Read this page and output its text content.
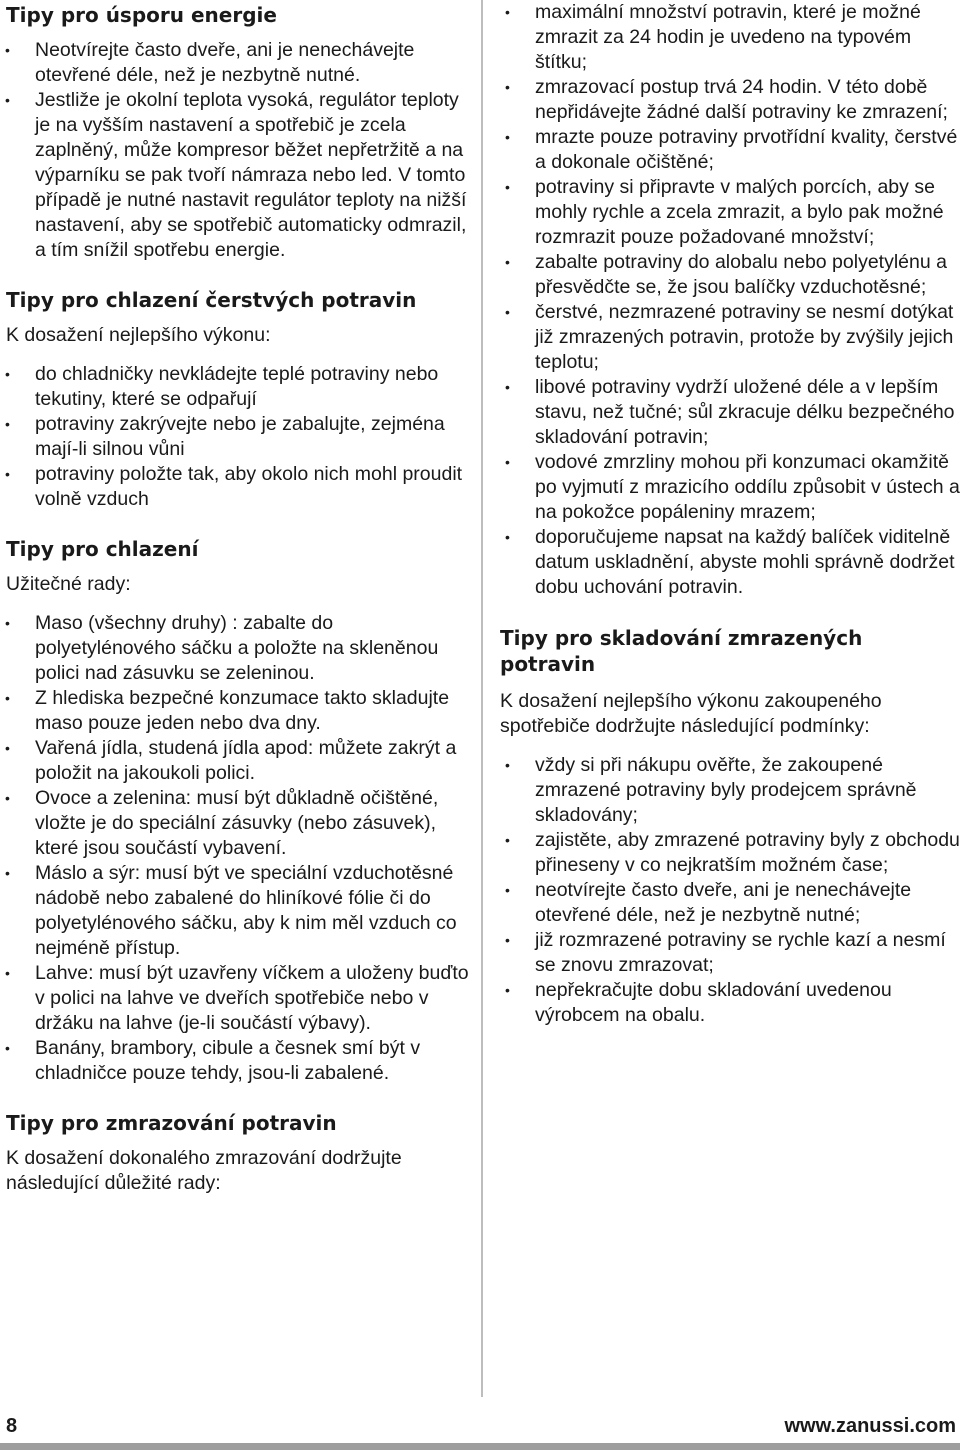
Tipy pro úsporu energie
• Neotvírejte často dveře, ani je nenechávejte otevřené déle, než je nezbytně nutné.
• Jestliže je okolní teplota vysoká, regulátor teploty je na vyšším nastavení a spotřebič je zcela zaplněný, může kompresor běžet nepřetržitě a na výparníku se pak tvoří námraza nebo led. V tomto případě je nutné nastavit regulátor teploty na nižší nastavení, aby se spotřebič automaticky odmrazil, a tím snížil spotřebu energie.
Tipy pro chlazení čerstvých potravin

K dosažení nejlepšího výkonu:

• do chladničky nevkládejte teplé potraviny nebo tekutiny, které se odpařují
• potraviny zakrývejte nebo je zabalujte, zejména mají-li silnou vůni
• potraviny položte tak, aby okolo nich mohl proudit volně vzduch
Tipy pro chlazení

Užitečné rady:

• Maso (všechny druhy) : zabalte do polyetylénového sáčku a položte na skleněnou polici nad zásuvku se zeleninou.
• Z hlediska bezpečné konzumace takto skladujte maso pouze jeden nebo dva dny.
• Vařená jídla, studená jídla apod: můžete zakrýt a položit na jakoukoli polici.
• Ovoce a zelenina: musí být důkladně očištěné, vložte je do speciální zásuvky (nebo zásuvek), které jsou součástí vybavení.
• Máslo a sýr: musí být ve speciální vzduchotěsné nádobě nebo zabalené do hliníkové fólie či do polyetylénového sáčku, aby k nim měl vzduch co nejméně přístup.
• Lahve: musí být uzavřeny víčkem a uloženy buďto v polici na lahve ve dveřích spotřebiče nebo v držáku na lahve (je-li součástí výbavy).
• Banány, brambory, cibule a česnek smí být v chladničce pouze tehdy, jsou-li zabalené.
Tipy pro zmrazování potravin

K dosažení dokonalého zmrazování dodržujte následující důležité rady:

• maximální množství potravin, které je možné zmrazit za 24 hodin je uvedeno na typovém štítku;
• zmrazovací postup trvá 24 hodin. V této době nepřidávejte žádné další potraviny ke zmrazení;
• mrazte pouze potraviny prvotřídní kvality, čerstvé a dokonale očištěné;
• potraviny si připravte v malých porcích, aby se mohly rychle a zcela zmrazit, a bylo pak možné rozmrazit pouze požadované množství;
• zabalte potraviny do alobalu nebo polyetylénu a přesvědčte se, že jsou balíčky vzduchotěsné;
• čerstvé, nezmrazené potraviny se nesmí dotýkat již zmrazených potravin, protože by zvýšily jejich teplotu;
• libové potraviny vydrží uložené déle a v lepším stavu, než tučné; sůl zkracuje délku bezpečného skladování potravin;
• vodové zmrzliny mohou při konzumaci okamžitě po vyjmutí z mrazicího oddílu způsobit v ústech a na pokožce popáleniny mrazem;
• doporučujeme napsat na každý balíček viditelně datum uskladnění, abyste mohli správně dodržet dobu uchování potravin.
Tipy pro skladování zmrazených potravin

K dosažení nejlepšího výkonu zakoupeného spotřebiče dodržujte následující podmínky:

• vždy si při nákupu ověřte, že zakoupené zmrazené potraviny byly prodejcem správně skladovány;
• zajistěte, aby zmrazené potraviny byly z obchodu přineseny v co nejkratším možném čase;
• neotvírejte často dveře, ani je nenechávejte otevřené déle, než je nezbytně nutné;
• již rozmrazené potraviny se rychle kazí a nesmí se znovu zmrazovat;
• nepřekračujte dobu skladování uvedenou výrobcem na obalu.
8	www.zanussi.com
